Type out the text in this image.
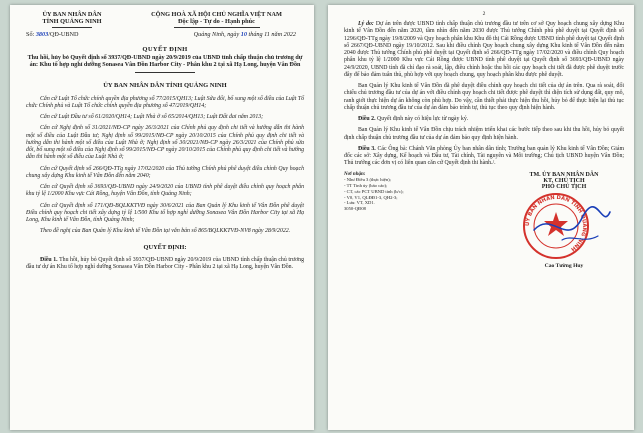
ỦY BAN NHÂN DÂN
TỈNH QUẢNG NINH
CỘNG HOÀ XÃ HỘI CHỦ NGHĨA VIỆT NAM
Độc lập - Tự do - Hạnh phúc
Số: 3803/QĐ-UBND	Quảng Ninh, ngày 10 tháng 11 năm 2022
QUYẾT ĐỊNH
Thu hồi, hủy bỏ Quyết định số 3937/QĐ-UBND ngày 20/9/2019 của UBND tỉnh chấp thuận chủ trương dự án: Khu tổ hợp nghỉ dưỡng Sonasea Vân Đồn Harbor City - Phân khu 2 tại xã Hạ Long, huyện Vân Đồn
ỦY BAN NHÂN DÂN TỈNH QUẢNG NINH
Căn cứ Luật Tổ chức chính quyền địa phương số 77/2015/QH13; Luật Sửa đổi, bổ sung một số điều của Luật Tổ chức Chính phủ và Luật Tổ chức chính quyền địa phương số 47/2019/QH14;
Căn cứ Luật Đầu tư số 61/2020/QH14; Luật Nhà ở số 65/2014/QH13; Luật Đất đai năm 2013;
Căn cứ Nghị định số 31/2021/NĐ-CP ngày 26/3/2021 của Chính phủ quy định chi tiết và hướng dẫn thi hành một số điều của Luật Đầu tư; Nghị định số 99/2015/NĐ-CP ngày 20/10/2015 của Chính phủ quy định chi tiết và hướng dẫn thi hành một số điều của Luật Nhà ở; Nghị định số 30/2021/NĐ-CP ngày 26/3/2021 của Chính phủ sửa đổi, bổ sung một số điều của Nghị định số 99/2015/NĐ-CP ngày 20/10/2015 của Chính phủ quy định chi tiết và hướng dẫn thi hành một số điều của Luật Nhà ở;
Căn cứ Quyết định số 266/QĐ-TTg ngày 17/02/2020 của Thủ tướng Chính phủ phê duyệt điều chỉnh Quy hoạch chung xây dựng Khu kinh tế Vân Đồn đến năm 2040;
Căn cứ Quyết định số 3693/QĐ-UBND ngày 24/9/2020 của UBND tỉnh phê duyệt điều chỉnh quy hoạch phân khu tỷ lệ 1/2000 Khu vực Cái Rồng, huyện Vân Đồn, tỉnh Quảng Ninh;
Căn cứ Quyết định số 171/QĐ-BQLKKTVĐ ngày 30/6/2021 của Ban Quản lý Khu kinh tế Vân Đồn phê duyệt Điều chỉnh quy hoạch chi tiết xây dựng tỷ lệ 1/500 Khu tổ hợp nghỉ dưỡng Sonasea Vân Đồn Harbor City tại xã Hạ Long, Khu kinh tế Vân Đồn, tỉnh Quảng Ninh;
Theo đề nghị của Ban Quản lý Khu kinh tế Vân Đồn tại văn bản số 865/BQLKKTVĐ-NV8 ngày 28/9/2022.
QUYẾT ĐỊNH:
Điều 1. Thu hồi, hủy bỏ Quyết định số 3937/QĐ-UBND ngày 20/9/2019 của UBND tỉnh chấp thuận chủ trương đầu tư dự án Khu tổ hợp nghỉ dưỡng Sonasea Vân Đồn Harbor City - Phân khu 2 tại xã Hạ Long, huyện Vân Đồn.
2
Lý do: Dự án trên được UBND tỉnh chấp thuận chủ trương đầu tư trên cơ sở Quy hoạch chung xây dựng Khu kinh tế Vân Đồn đến năm 2020, tầm nhìn đến năm 2030 được Thủ tướng Chính phủ phê duyệt tại Quyết định số 1296/QĐ-TTg ngày 19/8/2009 và Quy hoạch phân khu Khu đô thị Cái Rồng được UBND tỉnh phê duyệt tại Quyết định số 2667/QĐ-UBND ngày 19/10/2012. Sau khi điều chỉnh Quy hoạch chung xây dựng Khu kinh tế Vân Đồn đến năm 2040 được Thủ tướng Chính phủ phê duyệt tại Quyết định số 266/QĐ-TTg ngày 17/02/2020 và điều chỉnh Quy hoạch phân khu tỷ lệ 1/2000 Khu vực Cái Rồng được UBND tỉnh phê duyệt tại Quyết định số 3693/QĐ-UBND ngày 24/9/2020, UBND tỉnh đã chỉ đạo rà soát, lập, điều chỉnh hoặc thu hồi các quy hoạch chi tiết đã được phê duyệt trước đây để bảo đảm tuân thủ, phù hợp với quy hoạch chung, quy hoạch phân khu được phê duyệt.
Ban Quản lý Khu kinh tế Vân Đồn đã phê duyệt điều chỉnh quy hoạch chi tiết của dự án trên. Qua rà soát, đối chiếu chủ trương đầu tư của dự án với điều chỉnh quy hoạch chi tiết được phê duyệt thì diện tích sử dụng đất, quy mô, ranh giới thực hiện dự án không còn phù hợp. Do vậy, cần thiết phải thực hiện thu hồi, hủy bỏ để thực hiện lại thủ tục chấp thuận chủ trương đầu tư của dự án đảm bảo trình tự, thủ tục theo quy định hiện hành.
Điều 2. Quyết định này có hiệu lực từ ngày ký.
Ban Quản lý Khu kinh tế Vân Đồn chịu trách nhiệm triển khai các bước tiếp theo sau khi thu hồi, hủy bỏ quyết định chấp thuận chủ trương đầu tư của dự án đảm bảo quy định hiện hành.
Điều 3. Các Ông bà: Chánh Văn phòng Ủy ban nhân dân tỉnh; Trưởng ban quản lý Khu kinh tế Vân Đồn; Giám đốc các sở: Xây dựng, Kế hoạch và Đầu tư, Tài chính, Tài nguyên và Môi trường; Chủ tịch UBND huyện Vân Đồn; Thủ trưởng các đơn vị có liên quan căn cứ Quyết định thi hành./.
Nơi nhận:
- Như Điều 3 (thực hiện);
- TT Tỉnh ủy (báo cáo);
- CT, các PCT UBND tỉnh (b/c);
- V0, V1, QLĐĐ1-3, QH2-3;
- Lưu: VT, XD1.
3050-QĐ08
TM. ỦY BAN NHÂN DÂN
KT. CHỦ TỊCH
PHÓ CHỦ TỊCH
ỦY BAN NHÂN DÂN TỈNH QUẢNG NINH
Cao Tường Huy
